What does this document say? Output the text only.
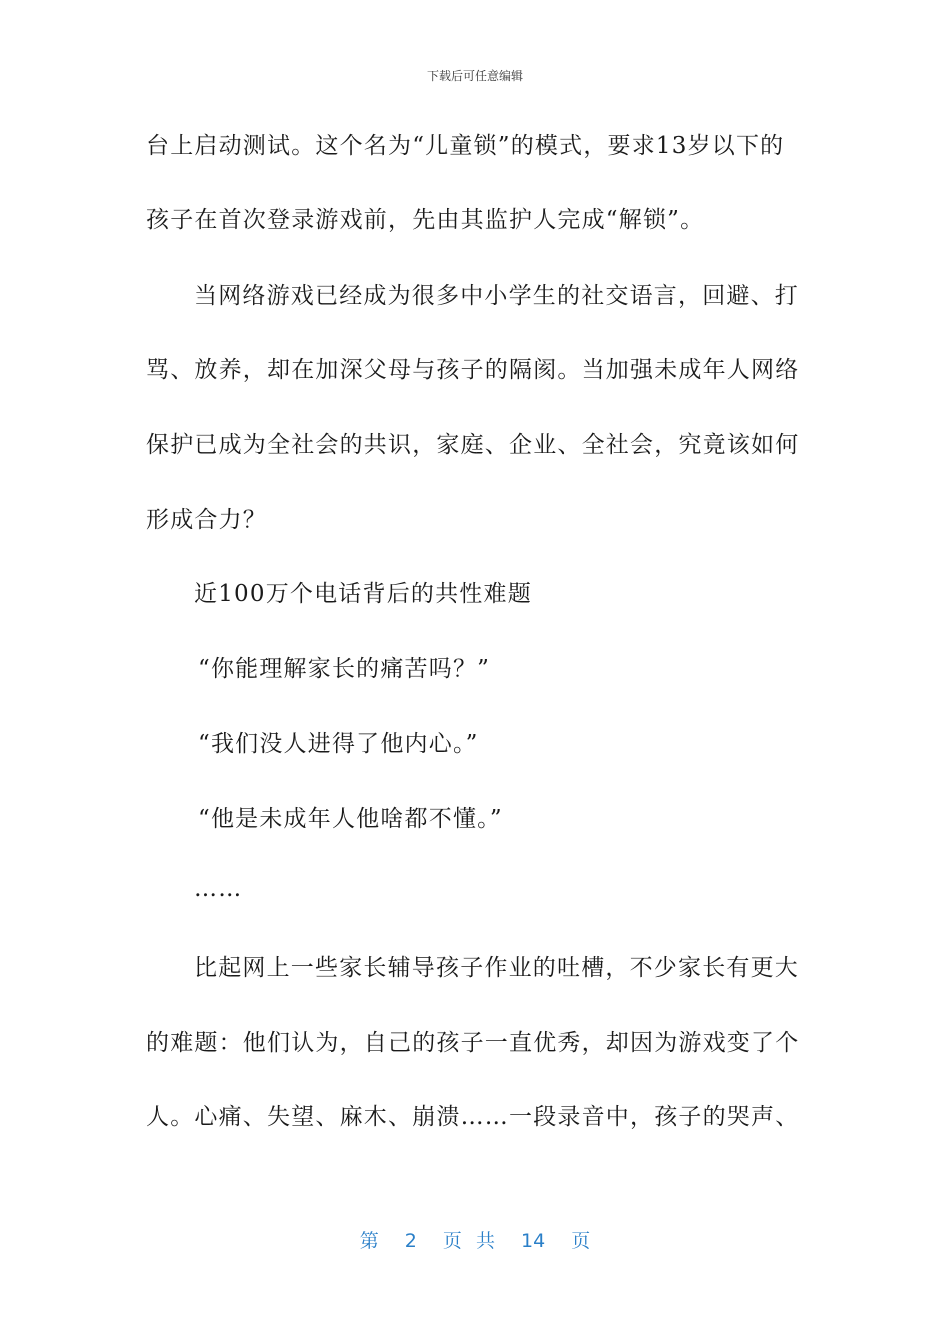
下载后可任意编辑
台上启动测试。这个名为“儿童锁”的模式，要求13岁以下的
孩子在首次登录游戏前，先由其监护人完成“解锁”。
当网络游戏已经成为很多中小学生的社交语言，回避、打
骂、放养，却在加深父母与孩子的隔阂。当加强未成年人网络
保护已成为全社会的共识，家庭、企业、全社会，究竟该如何
形成合力？
近100万个电话背后的共性难题
“你能理解家长的痛苦吗？”
“我们没人进得了他内心。”
“他是未成年人他啥都不懂。”
……
比起网上一些家长辅导孩子作业的吐槽，不少家长有更大
的难题：他们认为，自己的孩子一直优秀，却因为游戏变了个
人。心痛、失望、麻木、崩溃……一段录音中，孩子的哭声、
第 2 页 共 14 页
